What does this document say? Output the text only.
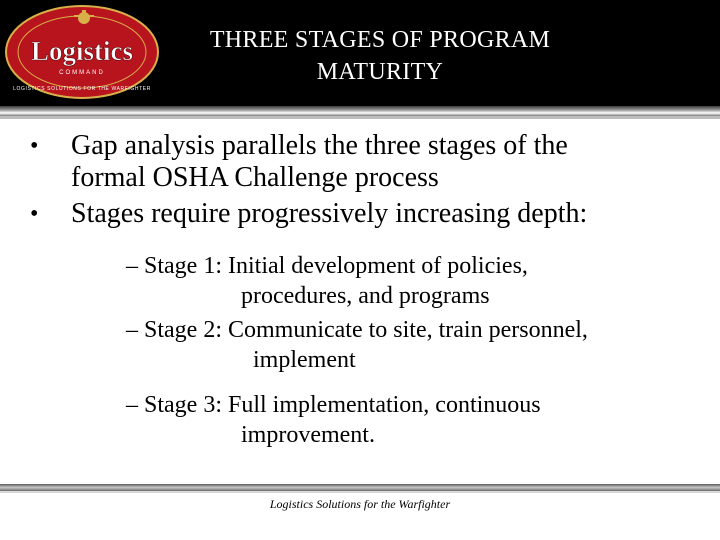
Logistics
COMMAND
LOGISTICS SOLUTIONS FOR THE WARFIGHTER
THREE STAGES OF PROGRAM
MATURITY
• Gap analysis parallels the three stages of the
formal OSHA Challenge process
• Stages require progressively increasing depth:
– Stage 1: Initial development of policies,
procedures, and programs
– Stage 2: Communicate to site, train personnel,
implement
– Stage 3: Full implementation, continuous
improvement.
Logistics Solutions for the Warfighter
